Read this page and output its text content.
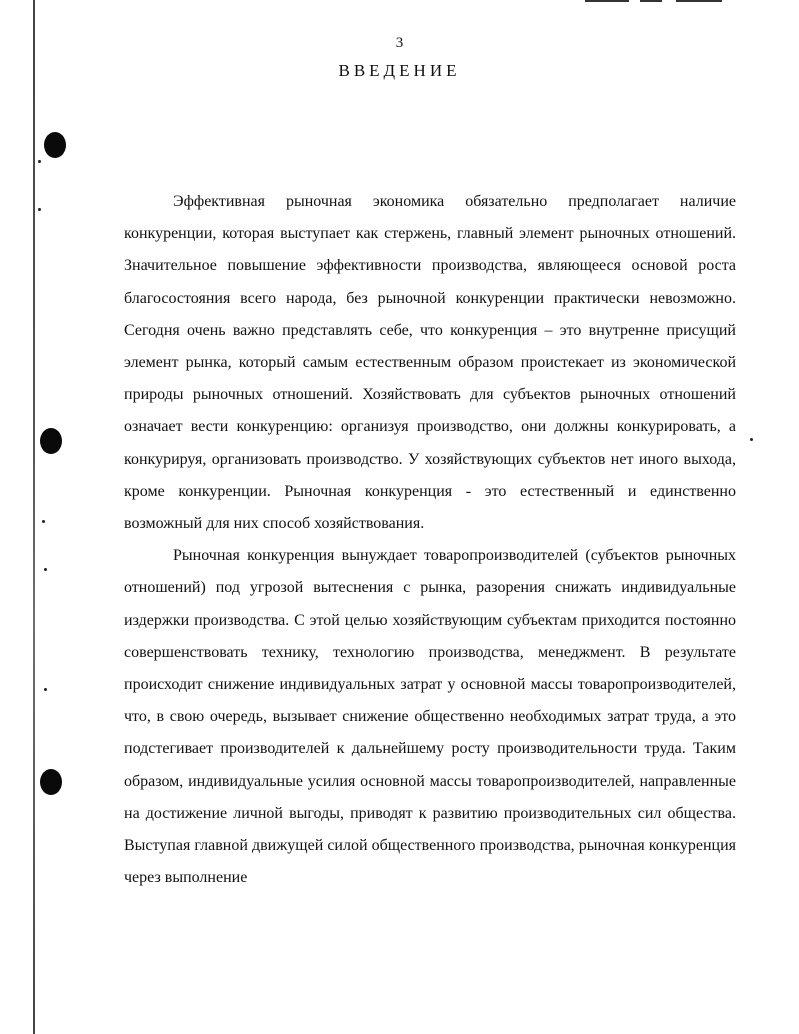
3
ВВЕДЕНИЕ

Эффективная рыночная экономика обязательно предполагает наличие конкуренции, которая выступает как стержень, главный элемент рыночных отношений. Значительное повышение эффективности производства, являющееся основой роста благосостояния всего народа, без рыночной конкуренции практически невозможно. Сегодня очень важно представлять себе, что конкуренция – это внутренне присущий элемент рынка, который самым естественным образом проистекает из экономической природы рыночных отношений. Хозяйствовать для субъектов рыночных отношений означает вести конкуренцию: организуя производство, они должны конкурировать, а конкурируя, организовать производство. У хозяйствующих субъектов нет иного выхода, кроме конкуренции. Рыночная конкуренция - это естественный и единственно возможный для них способ хозяйствования.

Рыночная конкуренция вынуждает товаропроизводителей (субъектов рыночных отношений) под угрозой вытеснения с рынка, разорения снижать индивидуальные издержки производства. С этой целью хозяйствующим субъектам приходится постоянно совершенствовать технику, технологию производства, менеджмент. В результате происходит снижение индивидуальных затрат у основной массы товаропроизводителей, что, в свою очередь, вызывает снижение общественно необходимых затрат труда, а это подстегивает производителей к дальнейшему росту производительности труда. Таким образом, индивидуальные усилия основной массы товаропроизводителей, направленные на достижение личной выгоды, приводят к развитию производительных сил общества. Выступая главной движущей силой общественного производства, рыночная конкуренция через выполнение
